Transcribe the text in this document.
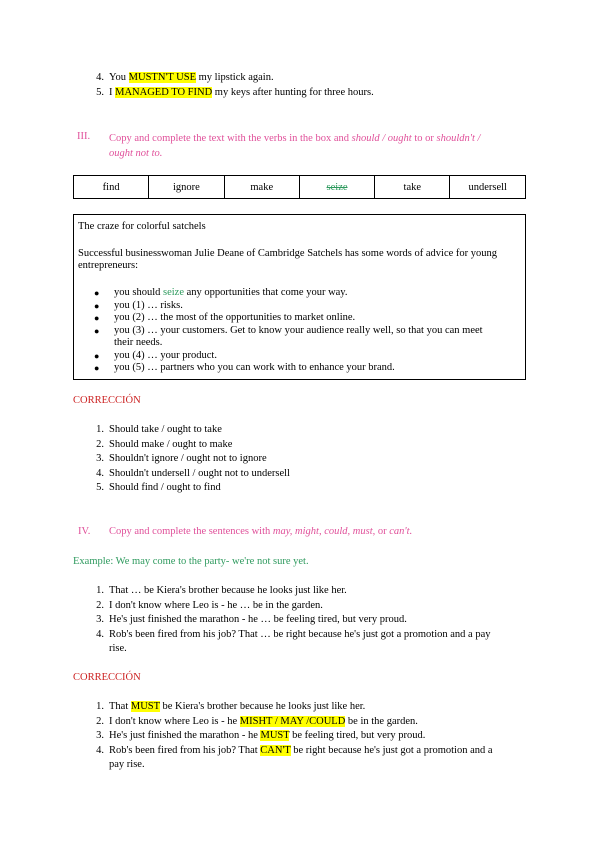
4. You MUSTN'T USE my lipstick again.
5. I MANAGED TO FIND my keys after hunting for three hours.
III. Copy and complete the text with the verbs in the box and should / ought to or shouldn't /
ought not to.
find	ignore	make	seize	take	undersell
The craze for colorful satchels
Successful businesswoman Julie Deane of Cambridge Satchels has some words of advice for young
entrepreneurs:
● you should seize any opportunities that come your way.
● you (1) … risks.
● you (2) … the most of the opportunities to market online.
● you (3) … your customers. Get to know your audience really well, so that you can meet
their needs.
● you (4) … your product.
● you (5) … partners who you can work with to enhance your brand.
CORRECCIÓN
1. Should take / ought to take
2. Should make / ought to make
3. Shouldn't ignore / ought not to ignore
4. Shouldn't undersell / ought not to undersell
5. Should find / ought to find
IV. Copy and complete the sentences with may, might, could, must, or can't.
Example: We may come to the party- we're not sure yet.
1. That … be Kiera's brother because he looks just like her.
2. I don't know where Leo is - he … be in the garden.
3. He's just finished the marathon - he … be feeling tired, but very proud.
4. Rob's been fired from his job? That … be right because he's just got a promotion and a pay
rise.
CORRECCIÓN
1. That MUST be Kiera's brother because he looks just like her.
2. I don't know where Leo is - he MISHT / MAY /COULD be in the garden.
3. He's just finished the marathon - he MUST be feeling tired, but very proud.
4. Rob's been fired from his job? That CAN'T be right because he's just got a promotion and a
pay rise.
